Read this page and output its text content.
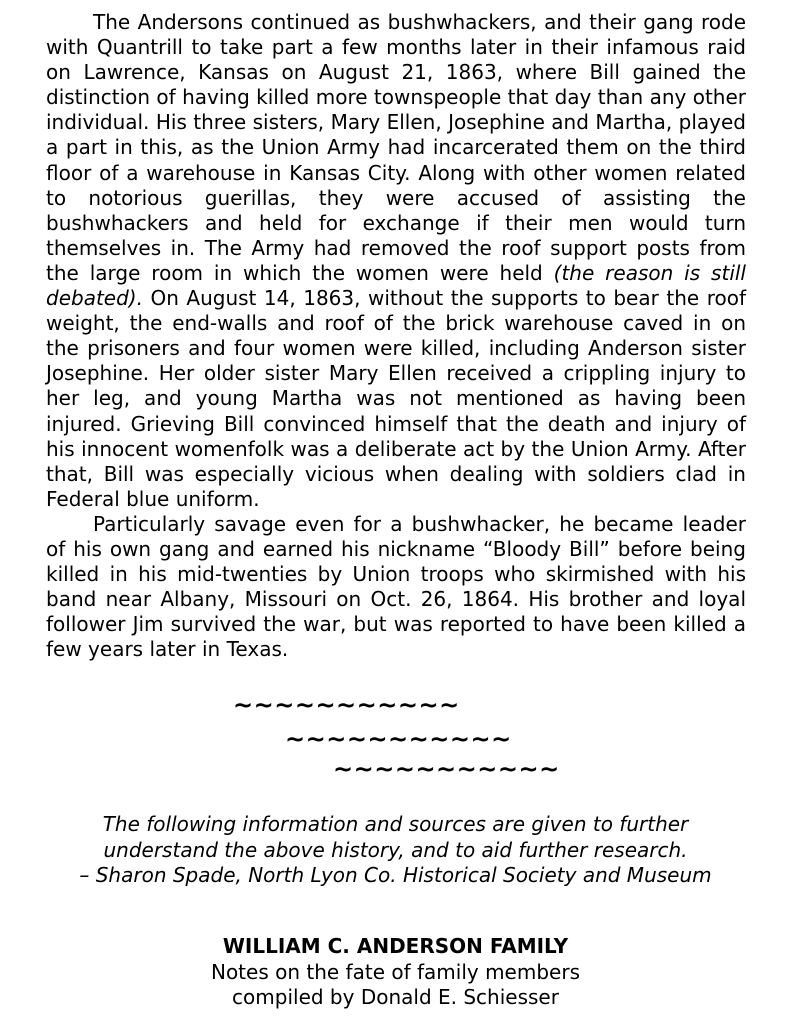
The Andersons continued as bushwhackers, and their gang rode with Quantrill to take part a few months later in their infamous raid on Lawrence, Kansas on August 21, 1863, where Bill gained the distinction of having killed more townspeople that day than any other individual. His three sisters, Mary Ellen, Josephine and Martha, played a part in this, as the Union Army had incarcerated them on the third floor of a warehouse in Kansas City. Along with other women related to notorious guerillas, they were accused of assisting the bushwhackers and held for exchange if their men would turn themselves in. The Army had removed the roof support posts from the large room in which the women were held (the reason is still debated). On August 14, 1863, without the supports to bear the roof weight, the end-walls and roof of the brick warehouse caved in on the prisoners and four women were killed, including Anderson sister Josephine. Her older sister Mary Ellen received a crippling injury to her leg, and young Martha was not mentioned as having been injured. Grieving Bill convinced himself that the death and injury of his innocent womenfolk was a deliberate act by the Union Army. After that, Bill was especially vicious when dealing with soldiers clad in Federal blue uniform.

Particularly savage even for a bushwhacker, he became leader of his own gang and earned his nickname “Bloody Bill” before being killed in his mid-twenties by Union troops who skirmished with his band near Albany, Missouri on Oct. 26, 1864. His brother and loyal follower Jim survived the war, but was reported to have been killed a few years later in Texas.

~~~~~~~~~~~
~~~~~~~~~~~
~~~~~~~~~~~
The following information and sources are given to further
understand the above history, and to aid further research.
– Sharon Spade, North Lyon Co. Historical Society and Museum
WILLIAM C. ANDERSON FAMILY
Notes on the fate of family members
compiled by Donald E. Schiesser
